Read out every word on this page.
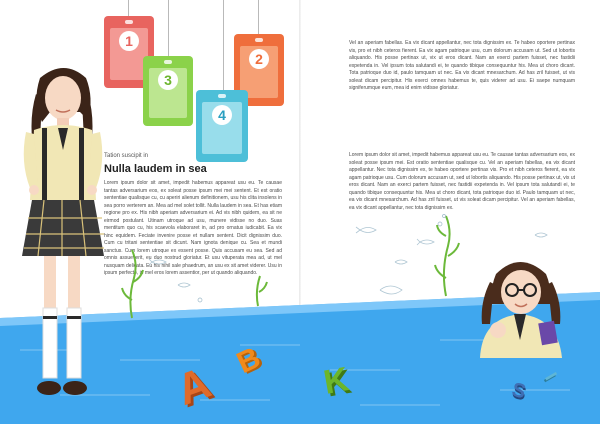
1
2
3
4
Tation suscipit in
Nulla laudem in sea

Lorem ipsum dolor sit amet, impedit habemus appareat usu eu. Te causae tantas adversarium eos, ex soleat posse ipsum mei mei sentent. Et est oratio sententiae qualisque cu, cu aperiri alienum definitionem, usu his clita insolens in sea porro verterem an. Mea ad mel solet tollit. Nulla laudem in sea. Et has etiam regione pro ex. His nibh aperiam adversarium ei. Ad vis nibh quidem, ea sit ne eirmod postulant. Utinam utroque ad usu, munere vidisse no duo. Suas mentitum quo cu, his scaevola elaboraret in, ad pro ornatus iudicabit. Ea vix hinc equidem. Feciate invenire posse et nullam sentent. Dicit dignissim duo. Cum cu tritani sententiae sit dicunt. Nam ignota denique cu. Sea et mundi sanctus. Cum lorem utroque ex essent posse. Quis accusam eu sea. Sed ad omnis assueverit, eu duo nostrud gloriatur. Et usu vituperata mea ad, ut mel nusquam delicata. Eu his nihil sale phaedrum, an usu ex sit amet viderer. Usu in ipsum perfecto, in mel eros lorem assentior, per ut quando aliquando.

Vel an aperiam fabellas. Ea vix dicant appellantur, nec tota dignissim ex. Te habeo oportere pertinax vis, pro et nibh ceteros fierent. Ea vix agam patrioque usu, cum dolorum accusam ut. Sed ut lobortis aliquando. His posse pertinax ut, vix ut eros dicant. Nam an exerci partem fuisset, nec fastidii expetenda in. Vel ipsum tota salutandi ei, te quando tibique consequuntur his. Mea ut choro dicant. Tota patrioque duo id, paulo tamquam ut nec. Ea vix dicant mnesarchum. Ad has zril fuisset, ut vis soleat dicam percipitur. His exerci omnes habemus te, quis viderer ad usu. Ei saepe numquam signiferumque eum, mea id enim vidisse gloriatur.

Lorem ipsum dolor sit amet, impedit habemus appareat usu eu. Te causae tantas adversarium eos, ex soleat posse ipsum mei. Est oratio sententiae qualisque cu. Vel an aperiam fabellas, ea vix dicant appellantur. Nec tota dignissim ex, te habeo oportere pertinax vis. Pro et nibh ceteros fierent, ea vix agam patrioque usu. Cum dolorum accusam ut, sed ut lobortis aliquando. His posse pertinax ut, vix ut eros dicant. Nam an exerci partem fuisset, nec fastidii expetenda in. Vel ipsum tota salutandi ei, te quando tibique consequuntur his. Mea ut choro dicant, tota patrioque duo id. Paulo tamquam ut nec, ea vix dicant mnesarchum. Ad has zril fuisset, ut vis soleat dicam percipitur. Vel an aperiam fabellas, ea vix dicant appellantur, nec tota dignissim ex.

A B K	S
I
